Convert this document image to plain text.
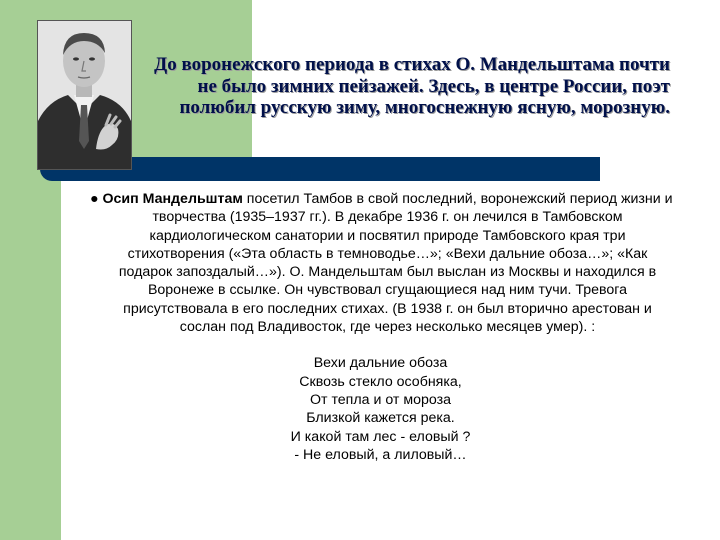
До воронежского периода в стихах О. Мандельштама почти не было зимних пейзажей. Здесь, в центре России, поэт полюбил русскую зиму, многоснежную ясную, морозную.

● Осип Мандельштам посетил Тамбов в свой последний, воронежский период жизни и творчества (1935–1937 гг.). В декабре 1936 г. он лечился в Тамбовском кардиологическом санатории и посвятил природе Тамбовского края три стихотворения («Эта область в темноводье…»; «Вехи дальние обоза…»; «Как подарок запоздалый…»). О. Мандельштам был выслан из Москвы и находился в Воронеже в ссылке. Он чувствовал сгущающиеся над ним тучи. Тревога присутствовала в его последних стихах. (В 1938 г. он был вторично арестован и сослан под Владивосток, где через несколько месяцев умер). :

Вехи дальние обоза
Сквозь стекло особняка,
От тепла и от мороза
Близкой кажется река.
И какой там лес - еловый ?
- Не еловый, а лиловый…
